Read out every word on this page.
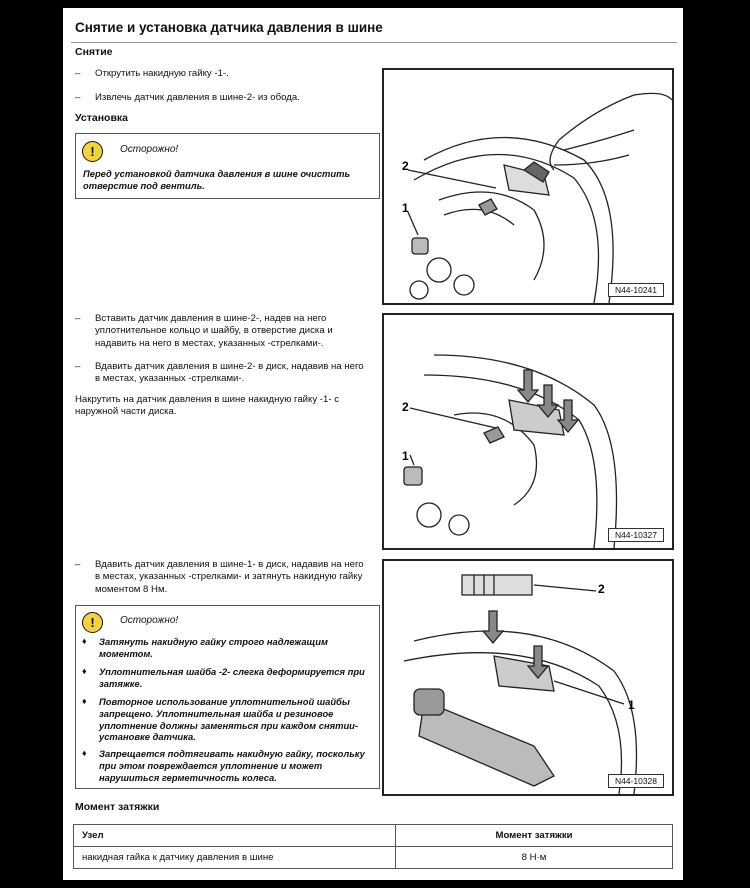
Снятие и установка датчика давления в шине
Снятие
– Открутить накидную гайку -1-.
– Извлечь датчик давления в шине-2- из обода.
Установка
!	Осторожно!
Перед установкой датчика давления в шине очистить отверстие под вентиль.
– Вставить датчик давления в шине-2-, надев на него уплотнительное кольцо и шайбу, в отверстие диска и надавить на него в местах, указанных -стрелками-.
– Вдавить датчик давления в шине-2- в диск, надавив на него в местах, указанных -стрелками-.
Накрутить на датчик давления в шине накидную гайку -1- с наружной части диска.
– Вдавить датчик давления в шине-1- в диск, надавив на него в местах, указанных -стрелками- и затянуть накидную гайку моментом 8 Нм.
!	Осторожно!
♦ Затянуть накидную гайку строго надлежащим моментом.
♦ Уплотнительная шайба -2- слегка деформируется при затяжке.
♦ Повторное использование уплотнительной шайбы запрещено. Уплотнительная шайба и резиновое уплотнение должны заменяться при каждом снятии-установке датчика.
♦ Запрещается подтягивать накидную гайку, поскольку при этом повреждается уплотнение и может нарушиться герметичность колеса.
2
1
N44-10241
2
1
N44-10327
2
1
N44-10328
Момент затяжки
Узел	Момент затяжки
накидная гайка к датчику давления в шине	8 Н·м
